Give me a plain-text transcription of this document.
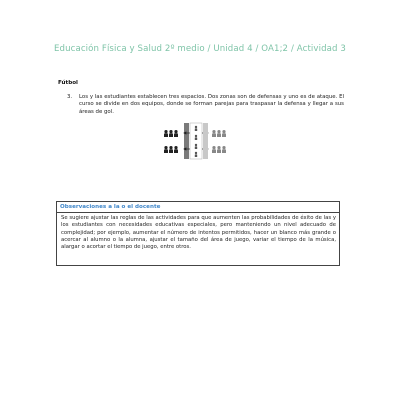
Educación Física y Salud 2º medio / Unidad 4 / OA1;2 / Actividad 3
Fútbol
3. Los y las estudiantes establecen tres espacios. Dos zonas son de defensas y uno es de ataque. El curso se divide en dos equipos, donde se forman parejas para traspasar la defensa y llegar a sus áreas de gol.
Observaciones a la o el docente
Se sugiere ajustar las reglas de las actividades para que aumenten las probabilidades de éxito de las y los estudiantes con necesidades educativas especiales, pero manteniendo un nivel adecuado de complejidad; por ejemplo, aumentar el número de intentos permitidos, hacer un blanco más grande o acercar al alumno o la alumna, ajustar el tamaño del área de juego, variar el tiempo de la música, alargar o acortar el tiempo de juego, entre otros.
